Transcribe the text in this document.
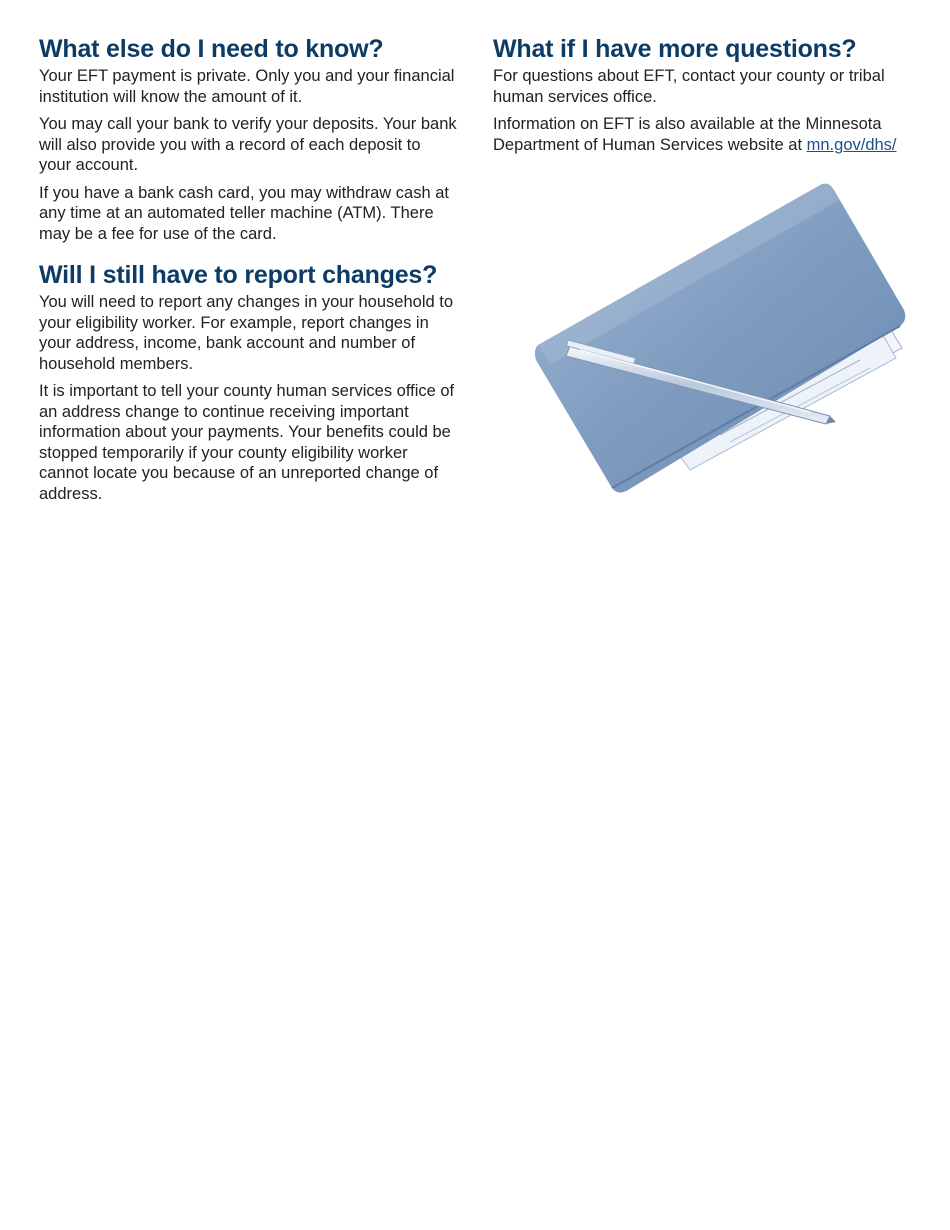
What else do I need to know?

Your EFT payment is private. Only you and your financial institution will know the amount of it.

You may call your bank to verify your deposits. Your bank will also provide you with a record of each deposit to your account.

If you have a bank cash card, you may withdraw cash at any time at an automated teller machine (ATM). There may be a fee for use of the card.

Will I still have to report changes?

You will need to report any changes in your household to your eligibility worker. For example, report changes in your address, income, bank account and number of household members.

It is important to tell your county human services office of an address change to continue receiving important information about your payments. Your benefits could be stopped temporarily if your county eligibility worker cannot locate you because of an unreported change of address.

What if I have more questions?

For questions about EFT, contact your county or tribal human services office.

Information on EFT is also available at the Minnesota Department of Human Services website at mn.gov/dhs/
